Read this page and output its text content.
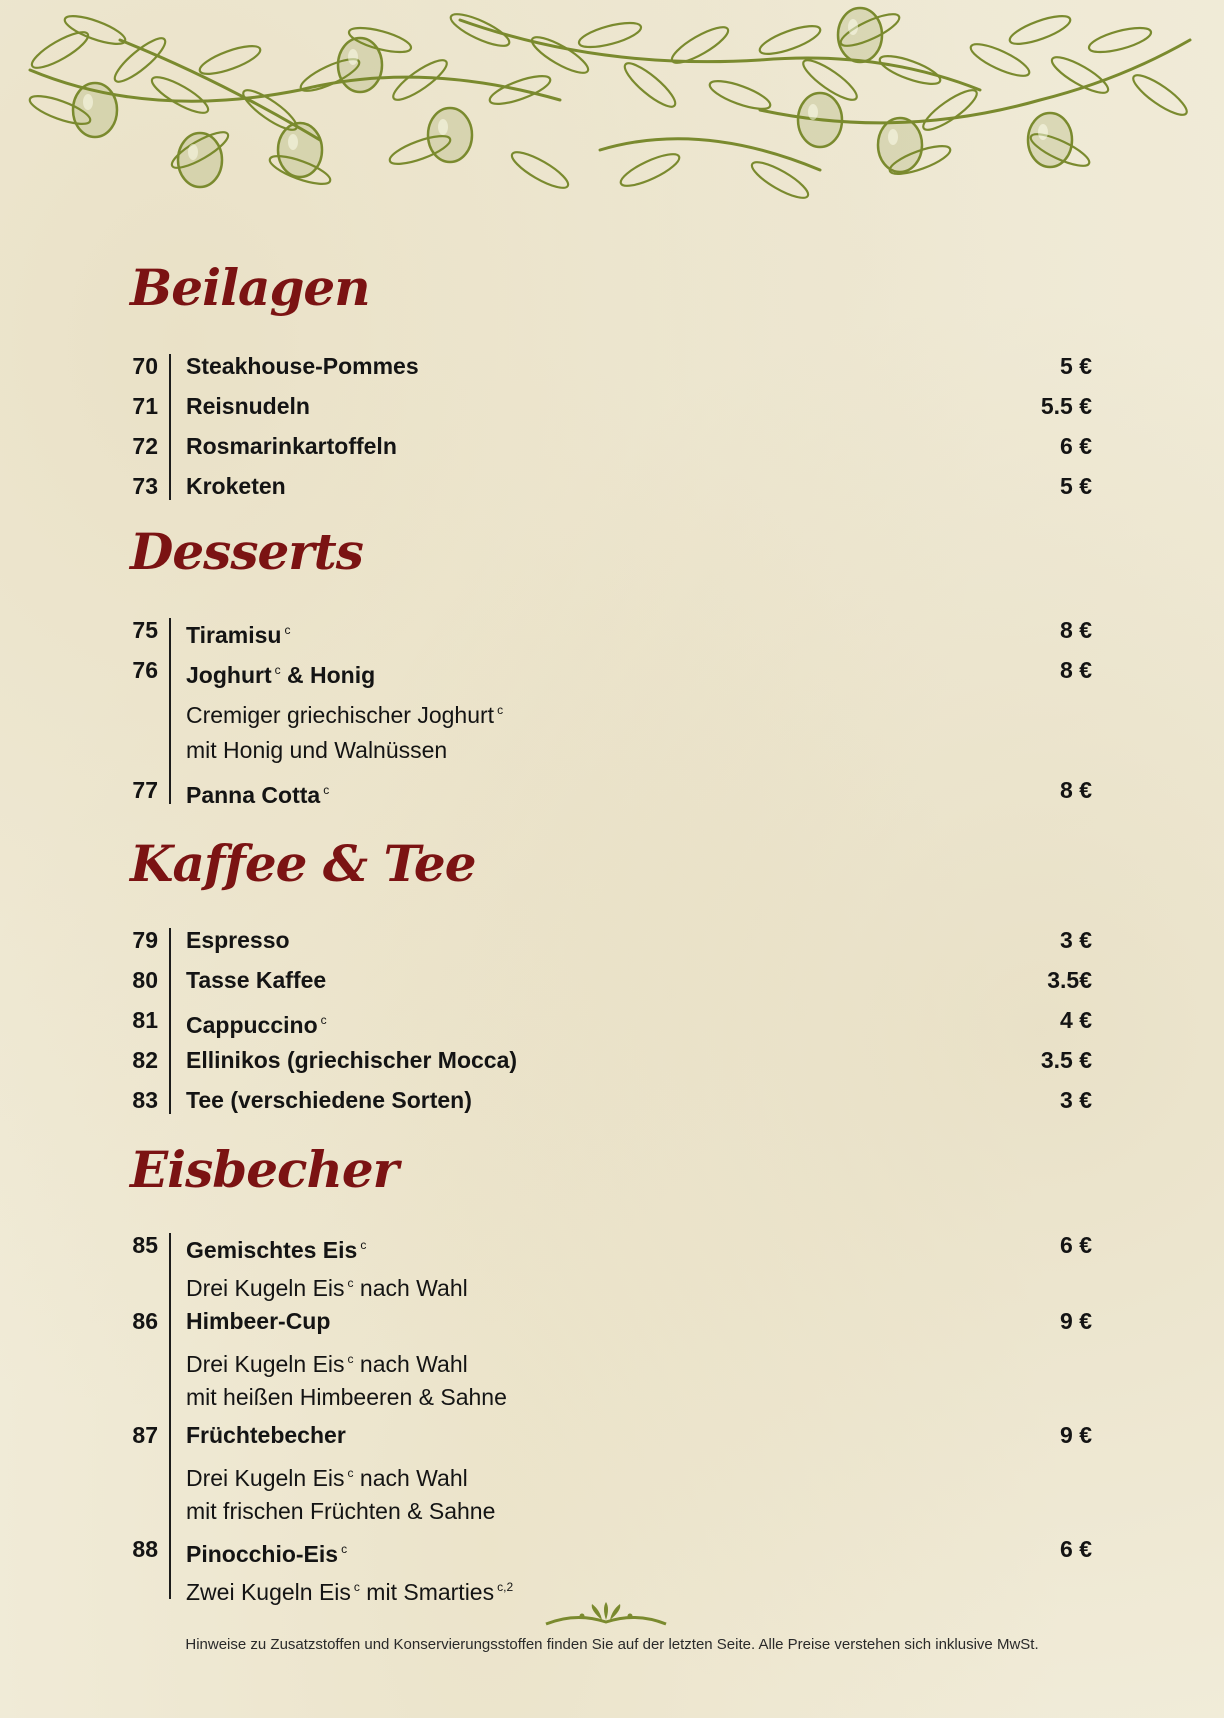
Beilagen
70 Steakhouse-Pommes	5 €
71 Reisnudeln	5.5 €
72 Rosmarinkartoffeln	6 €
73 Kroketen	5 €
Desserts
75 Tiramisu $^c$	8 €
76 Joghurt $^c$ & Honig	8 €
Cremiger griechischer Joghurt $^c$
mit Honig und Walnüssen
77 Panna Cotta $^c$	8 €
Kaffee & Tee
79 Espresso	3 €
80 Tasse Kaffee	3.5€
81 Cappuccino $^c$	4 €
82 Ellinikos (griechischer Mocca)	3.5 €
83 Tee (verschiedene Sorten)	3 €
Eisbecher
85 Gemischtes Eis $^c$	6 €
Drei Kugeln Eis $^c$ nach Wahl
86 Himbeer-Cup	9 €
Drei Kugeln Eis $^c$ nach Wahl
mit heißen Himbeeren & Sahne
87 Früchtebecher	9 €
Drei Kugeln Eis $^c$ nach Wahl
mit frischen Früchten & Sahne
88 Pinocchio-Eis $^c$	6 €
Zwei Kugeln Eis $^c$ mit Smarties $^{c,2}$
Hinweise zu Zusatzstoffen und Konservierungsstoffen finden Sie auf der letzten Seite. Alle Preise verstehen sich inklusive MwSt.
